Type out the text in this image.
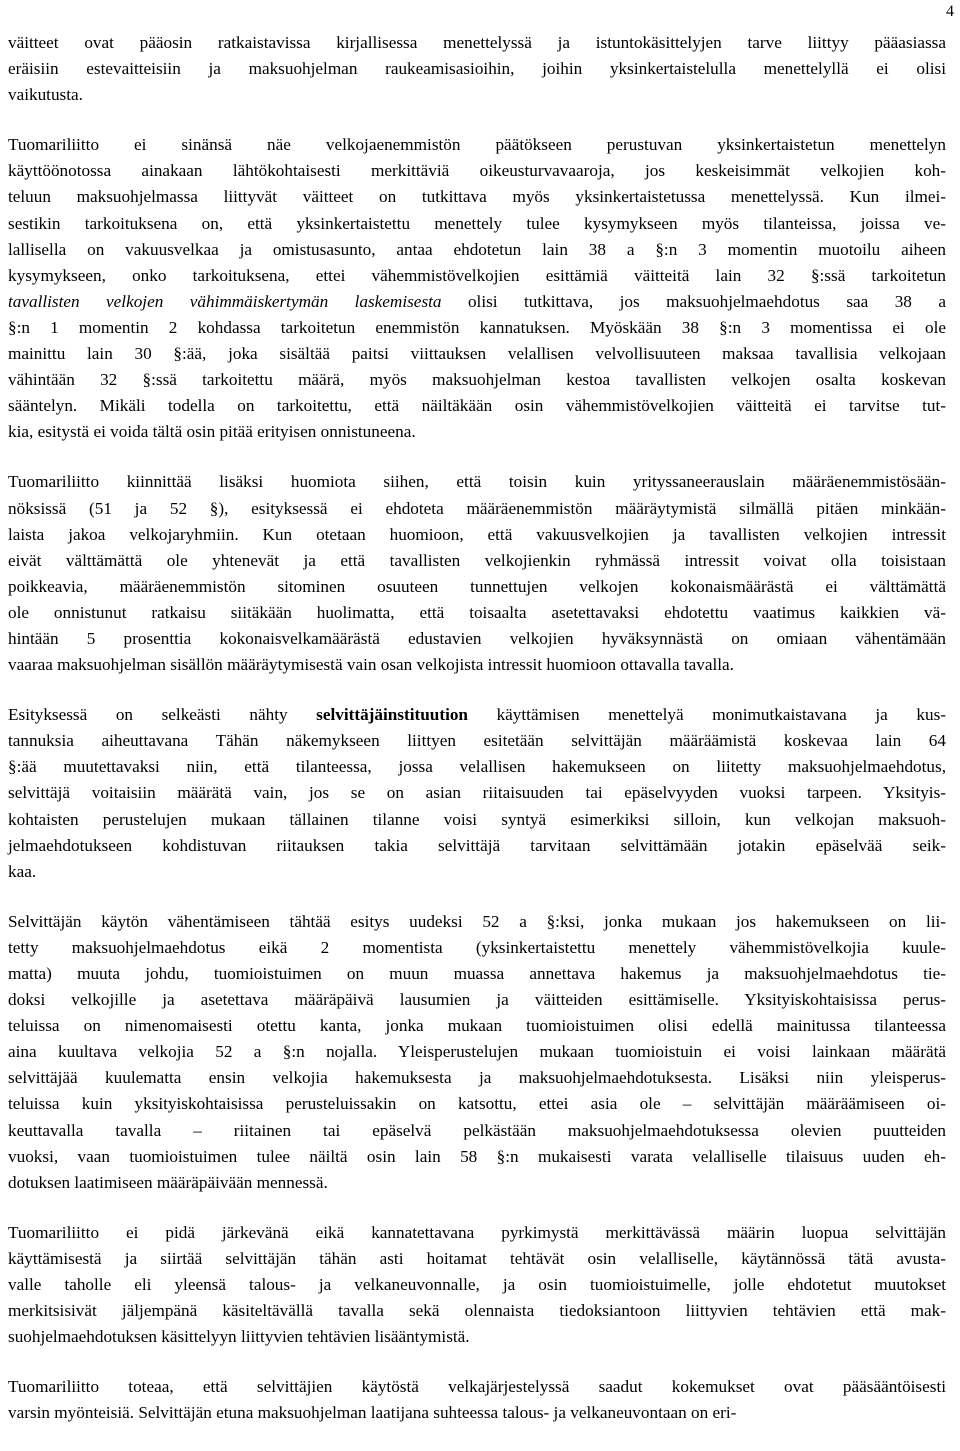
4
väitteet ovat pääosin ratkaistavissa kirjallisessa menettelyssä ja istuntokäsittelyjen tarve liittyy pääasiassa
eräisiin estevaitteisiin ja maksuohjelman raukeamisasioihin, joihin yksinkertaistelulla menettelyllä ei olisi
vaikutusta.
Tuomariliitto ei sinänsä näe velkojaenemmistön päätökseen perustuvan yksinkertaistetun menettelyn
käyttöönotossa ainakaan lähtökohtaisesti merkittäviä oikeusturvavaaroja, jos keskeisimmät velkojien koh-
teluun maksuohjelmassa liittyvät väitteet on tutkittava myös yksinkertaistetussa menettelyssä. Kun ilmei-
sestikin tarkoituksena on, että yksinkertaistettu menettely tulee kysymykseen myös tilanteissa, joissa ve-
lallisella on vakuusvelkaa ja omistusasunto, antaa ehdotetun lain 38 a §:n 3 momentin muotoilu aiheen
kysymykseen, onko tarkoituksena, ettei vähemmistövelkojien esittämiä väitteitä lain 32 §:ssä tarkoitetun
tavallisten velkojen vähimmäiskertymän laskemisesta olisi tutkittava, jos maksuohjelmaehdotus saa 38 a
§:n 1 momentin 2 kohdassa tarkoitetun enemmistön kannatuksen. Myöskään 38 §:n 3 momentissa ei ole
mainittu lain 30 §:ää, joka sisältää paitsi viittauksen velallisen velvollisuuteen maksaa tavallisia velkojaan
vähintään 32 §:ssä tarkoitettu määrä, myös maksuohjelman kestoa tavallisten velkojen osalta koskevan
sääntelyn. Mikäli todella on tarkoitettu, että näiltäkään osin vähemmistövelkojien väitteitä ei tarvitse tut-
kia, esitystä ei voida tältä osin pitää erityisen onnistuneena.
Tuomariliitto kiinnittää lisäksi huomiota siihen, että toisin kuin yrityssaneerauslain määräenemmistösään-
nöksissä (51 ja 52 §), esityksessä ei ehdoteta määräenemmistön määräytymistä silmällä pitäen minkään-
laista jakoa velkojaryhmiin. Kun otetaan huomioon, että vakuusvelkojien ja tavallisten velkojien intressit
eivät välttämättä ole yhtenevät ja että tavallisten velkojienkin ryhmässä intressit voivat olla toisistaan
poikkeavia, määräenemmistön sitominen osuuteen tunnettujen velkojen kokonaismäärästä ei välttämättä
ole onnistunut ratkaisu siitäkään huolimatta, että toisaalta asetettavaksi ehdotettu vaatimus kaikkien vä-
hintään 5 prosenttia kokonaisvelkamäärästä edustavien velkojien hyväksynnästä on omiaan vähentämään
vaaraa maksuohjelman sisällön määräytymisestä vain osan velkojista intressit huomioon ottavalla tavalla.
Esityksessä on selkeästi nähty selvittäjäinstituution käyttämisen menettelyä monimutkaistavana ja kus-
tannuksia aiheuttavana Tähän näkemykseen liittyen esitetään selvittäjän määräämistä koskevaa lain 64
§:ää muutettavaksi niin, että tilanteessa, jossa velallisen hakemukseen on liitetty maksuohjelmaehdotus,
selvittäjä voitaisiin määrätä vain, jos se on asian riitaisuuden tai epäselvyyden vuoksi tarpeen. Yksityis-
kohtaisten perustelujen mukaan tällainen tilanne voisi syntyä esimerkiksi silloin, kun velkojan maksuoh-
jelmaehdotukseen kohdistuvan riitauksen takia selvittäjä tarvitaan selvittämään jotakin epäselvää seik-
kaa.
Selvittäjän käytön vähentämiseen tähtää esitys uudeksi 52 a §:ksi, jonka mukaan jos hakemukseen on lii-
tetty maksuohjelmaehdotus eikä 2 momentista (yksinkertaistettu menettely vähemmistövelkojia kuule-
matta) muuta johdu, tuomioistuimen on muun muassa annettava hakemus ja maksuohjelmaehdotus tie-
doksi velkojille ja asetettava määräpäivä lausumien ja väitteiden esittämiselle. Yksityiskohtaisissa perus-
teluissa on nimenomaisesti otettu kanta, jonka mukaan tuomioistuimen olisi edellä mainitussa tilanteessa
aina kuultava velkojia 52 a §:n nojalla. Yleisperustelujen mukaan tuomioistuin ei voisi lainkaan määrätä
selvittäjää kuulematta ensin velkojia hakemuksesta ja maksuohjelmaehdotuksesta. Lisäksi niin yleisperus-
teluissa kuin yksityiskohtaisissa perusteluissakin on katsottu, ettei asia ole – selvittäjän määräämiseen oi-
keuttavalla tavalla – riitainen tai epäselvä pelkästään maksuohjelmaehdotuksessa olevien puutteiden
vuoksi, vaan tuomioistuimen tulee näiltä osin lain 58 §:n mukaisesti varata velalliselle tilaisuus uuden eh-
dotuksen laatimiseen määräpäivään mennessä.
Tuomariliitto ei pidä järkevänä eikä kannatettavana pyrkimystä merkittävässä määrin luopua selvittäjän
käyttämisestä ja siirtää selvittäjän tähän asti hoitamat tehtävät osin velalliselle, käytännössä tätä avusta-
valle taholle eli yleensä talous- ja velkaneuvonnalle, ja osin tuomioistuimelle, jolle ehdotetut muutokset
merkitsisivät jäljempänä käsiteltävällä tavalla sekä olennaista tiedoksiantoon liittyvien tehtävien että mak-
suohjelmaehdotuksen käsittelyyn liittyvien tehtävien lisääntymistä.
Tuomariliitto toteaa, että selvittäjien käytöstä velkajärjestelyssä saadut kokemukset ovat pääsääntöisesti
varsin myönteisiä. Selvittäjän etuna maksuohjelman laatijana suhteessa talous- ja velkaneuvontaan on eri-
